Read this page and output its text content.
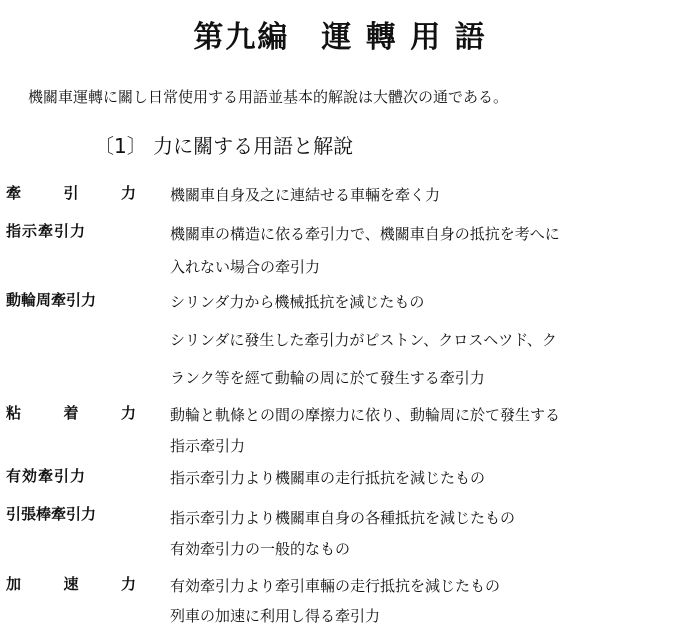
第九編　運 轉 用 語
機關車運轉に關し日常使用する用語並基本的解說は大體次の通である。
〔1〕 力に關する用語と解說
牽	引	力 機關車自身及之に連結せる車輛を牽く力
指示牽引力	機關車の構造に依る牽引力で、機關車自身の抵抗を考へに
入れない場合の牽引力
動輪周牽引力	シリンダ力から機械抵抗を減じたもの
シリンダに發生した牽引力がピストン、クロスヘツド、ク
ランク等を經て動輪の周に於て發生する牽引力
粘	着	力 動輪と軌條との間の摩擦力に依り、動輪周に於て發生する
指示牽引力
有効牽引力	指示牽引力より機關車の走行抵抗を減じたもの
引張棒牽引力	指示牽引力より機關車自身の各種抵抗を減じたもの
有効牽引力の一般的なもの
加	速	力 有効牽引力より牽引車輛の走行抵抗を減じたもの
列車の加速に利用し得る牽引力
